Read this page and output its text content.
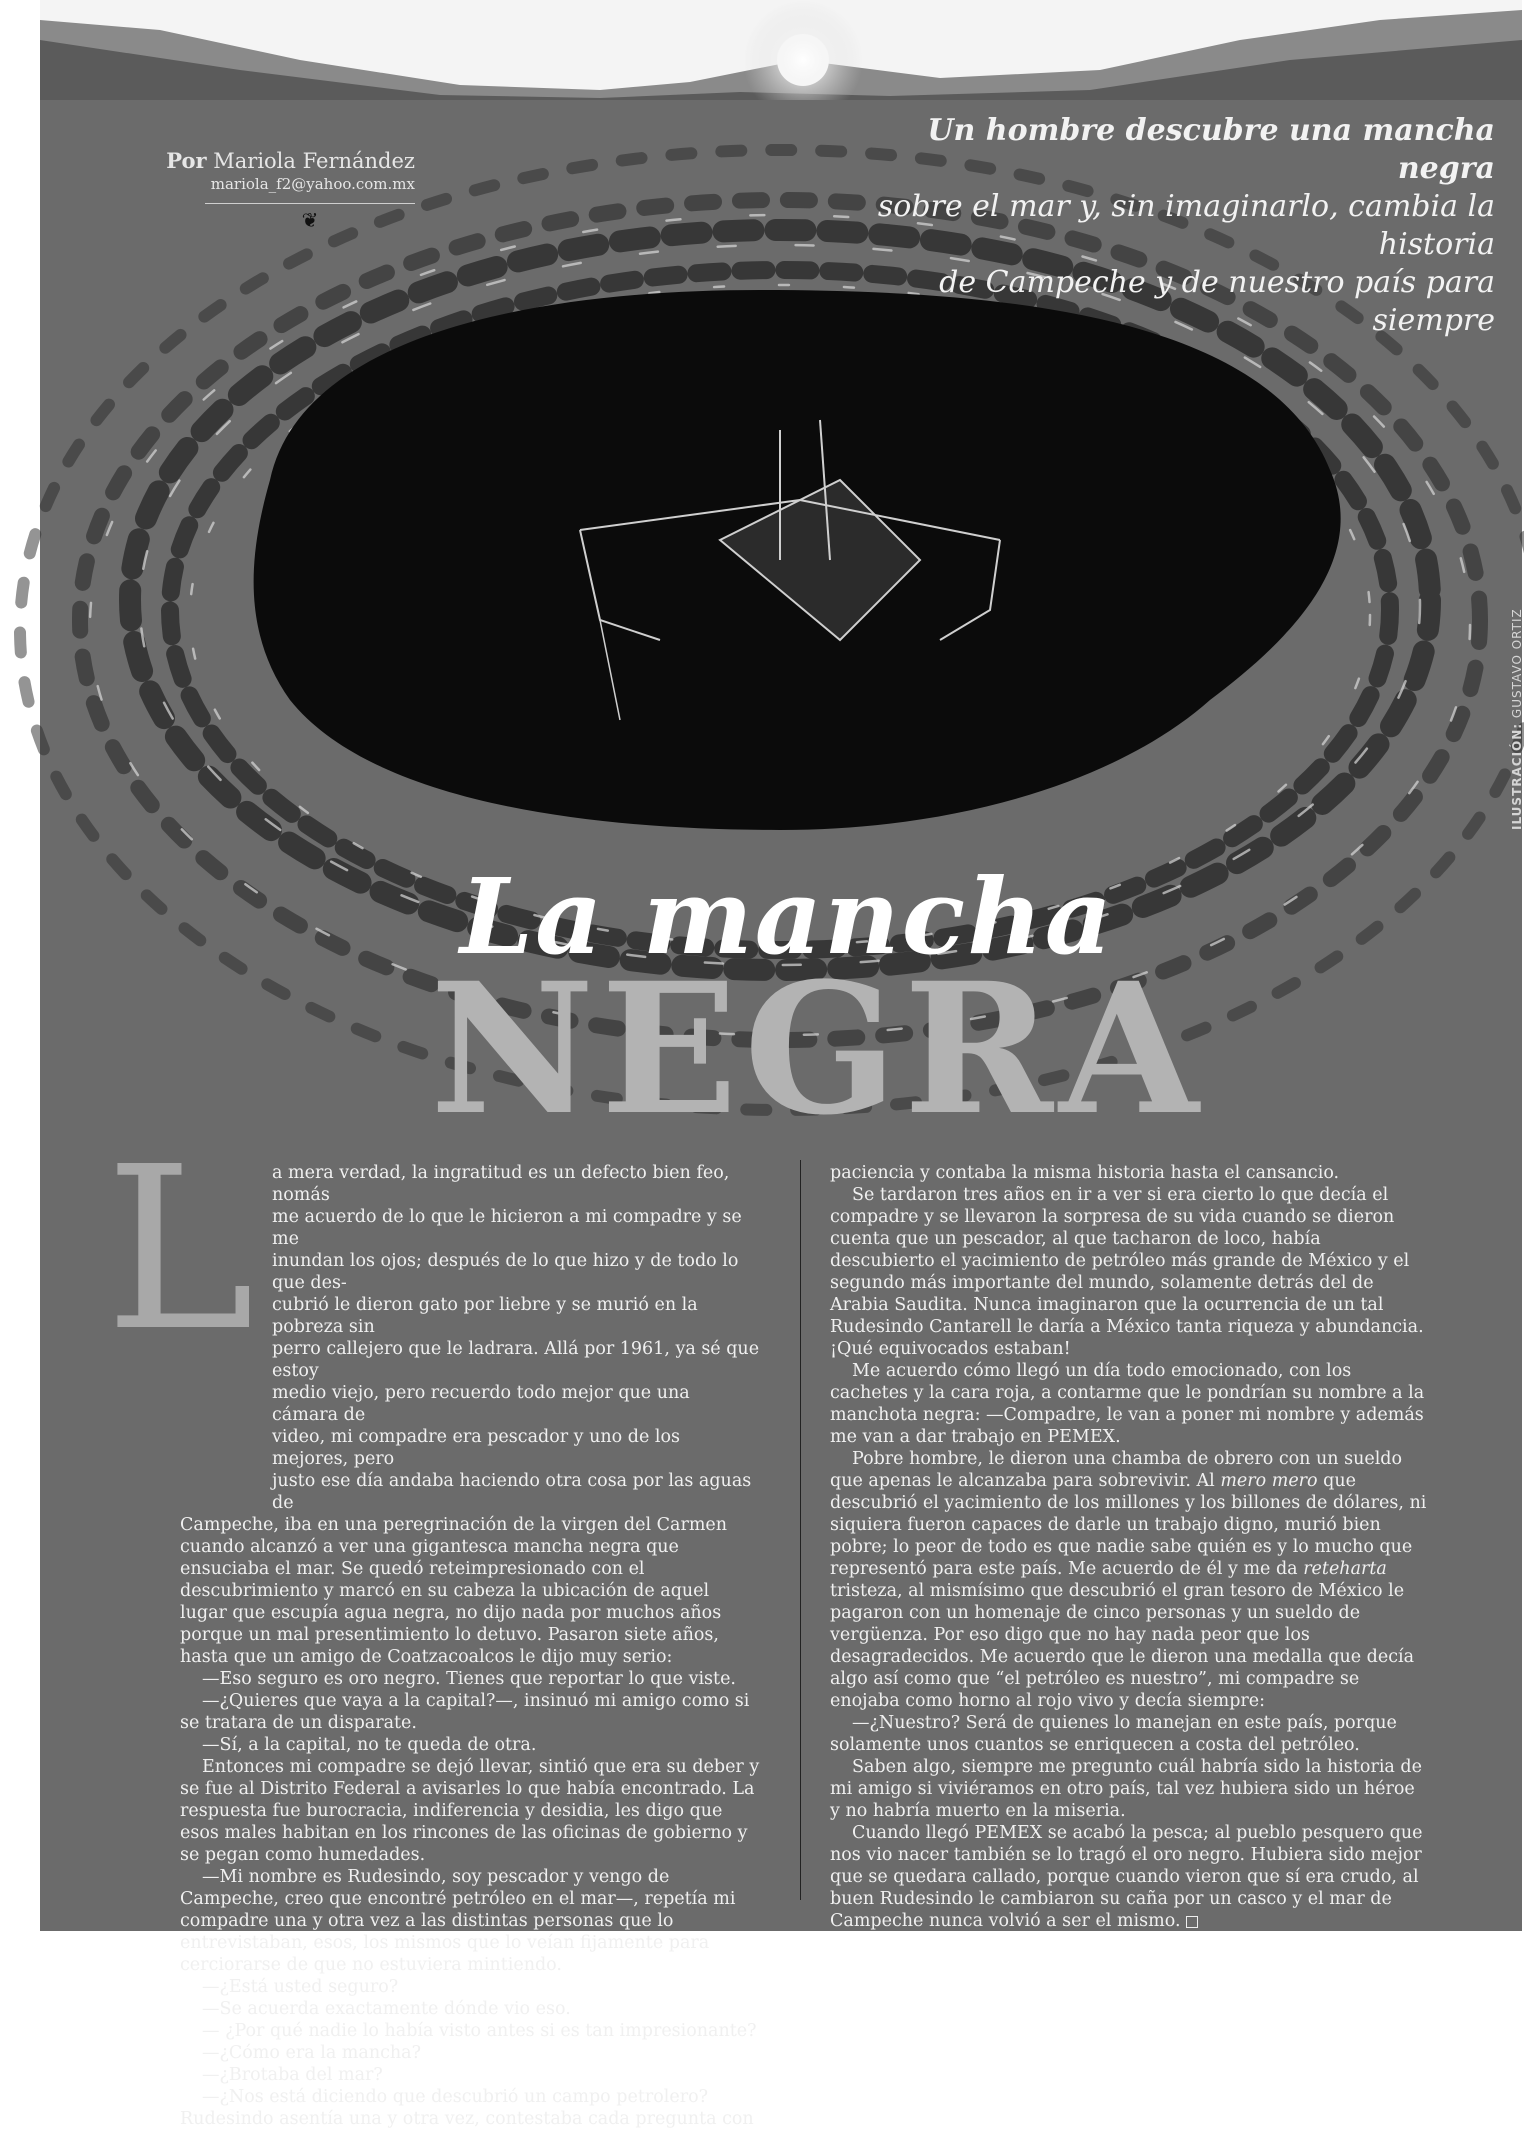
Por Mariola Fernández
mariola_f2@yahoo.com.mx
❦
Un hombre descubre una mancha negra
sobre el mar y, sin imaginarlo, cambia la historia
de Campeche y de nuestro país para siempre
ILUSTRACIÓN: GUSTAVO ORTIZ
La mancha
NEGRA
L a mera verdad, la ingratitud es un defecto bien feo, nomás
me acuerdo de lo que le hicieron a mi compadre y se me
inundan los ojos; después de lo que hizo y de todo lo que des-
cubrió le dieron gato por liebre y se murió en la pobreza sin
perro callejero que le ladrara. Allá por 1961, ya sé que estoy
medio viejo, pero recuerdo todo mejor que una cámara de
video, mi compadre era pescador y uno de los mejores, pero
justo ese día andaba haciendo otra cosa por las aguas de

Campeche, iba en una peregrinación de la virgen del Carmen cuando alcanzó a ver una gigantesca mancha negra que ensuciaba el mar. Se quedó reteimpresionado con el descubrimiento y marcó en su cabeza la ubicación de aquel lugar que escupía agua negra, no dijo nada por muchos años porque un mal presentimiento lo detuvo. Pasaron siete años, hasta que un amigo de Coatzacoalcos le dijo muy serio:

—Eso seguro es oro negro. Tienes que reportar lo que viste.

—¿Quieres que vaya a la capital?—, insinuó mi amigo como si se tratara de un disparate.

—Sí, a la capital, no te queda de otra.

Entonces mi compadre se dejó llevar, sintió que era su deber y se fue al Distrito Federal a avisarles lo que había encontrado. La respuesta fue burocracia, indiferencia y desidia, les digo que esos males habitan en los rincones de las oficinas de gobierno y se pegan como humedades.

—Mi nombre es Rudesindo, soy pescador y vengo de Campeche, creo que encontré petróleo en el mar—, repetía mi compadre una y otra vez a las distintas personas que lo entrevistaban, esos, los mismos que lo veían fijamente para cerciorarse de que no estuviera mintiendo.

—¿Está usted seguro?

—Se acuerda exactamente dónde vio eso.

— ¿Por qué nadie lo había visto antes si es tan impresionante?

—¿Cómo era la mancha?

—¿Brotaba del mar?

—¿Nos está diciendo que descubrió un campo petrolero?

Rudesindo asentía una y otra vez, contestaba cada pregunta con

paciencia y contaba la misma historia hasta el cansancio.

Se tardaron tres años en ir a ver si era cierto lo que decía el compadre y se llevaron la sorpresa de su vida cuando se dieron cuenta que un pescador, al que tacharon de loco, había descubierto el yacimiento de petróleo más grande de México y el segundo más importante del mundo, solamente detrás del de Arabia Saudita. Nunca imaginaron que la ocurrencia de un tal Rudesindo Cantarell le daría a México tanta riqueza y abundancia. ¡Qué equivocados estaban!

Me acuerdo cómo llegó un día todo emocionado, con los cachetes y la cara roja, a contarme que le pondrían su nombre a la manchota negra: —Compadre, le van a poner mi nombre y además me van a dar trabajo en PEMEX.

Pobre hombre, le dieron una chamba de obrero con un sueldo que apenas le alcanzaba para sobrevivir. Al mero mero que descubrió el yacimiento de los millones y los billones de dólares, ni siquiera fueron capaces de darle un trabajo digno, murió bien pobre; lo peor de todo es que nadie sabe quién es y lo mucho que representó para este país. Me acuerdo de él y me da reteharta tristeza, al mismísimo que descubrió el gran tesoro de México le pagaron con un homenaje de cinco personas y un sueldo de vergüenza. Por eso digo que no hay nada peor que los desagradecidos. Me acuerdo que le dieron una medalla que decía algo así como que “el petróleo es nuestro”, mi compadre se enojaba como horno al rojo vivo y decía siempre:

—¿Nuestro? Será de quienes lo manejan en este país, porque solamente unos cuantos se enriquecen a costa del petróleo.

Saben algo, siempre me pregunto cuál habría sido la historia de mi amigo si viviéramos en otro país, tal vez hubiera sido un héroe y no habría muerto en la miseria.

Cuando llegó PEMEX se acabó la pesca; al pueblo pesquero que nos vio nacer también se lo tragó el oro negro. Hubiera sido mejor que se quedara callado, porque cuando vieron que sí era crudo, al buen Rudesindo le cambiaron su caña por un casco y el mar de Campeche nunca volvió a ser el mismo.
